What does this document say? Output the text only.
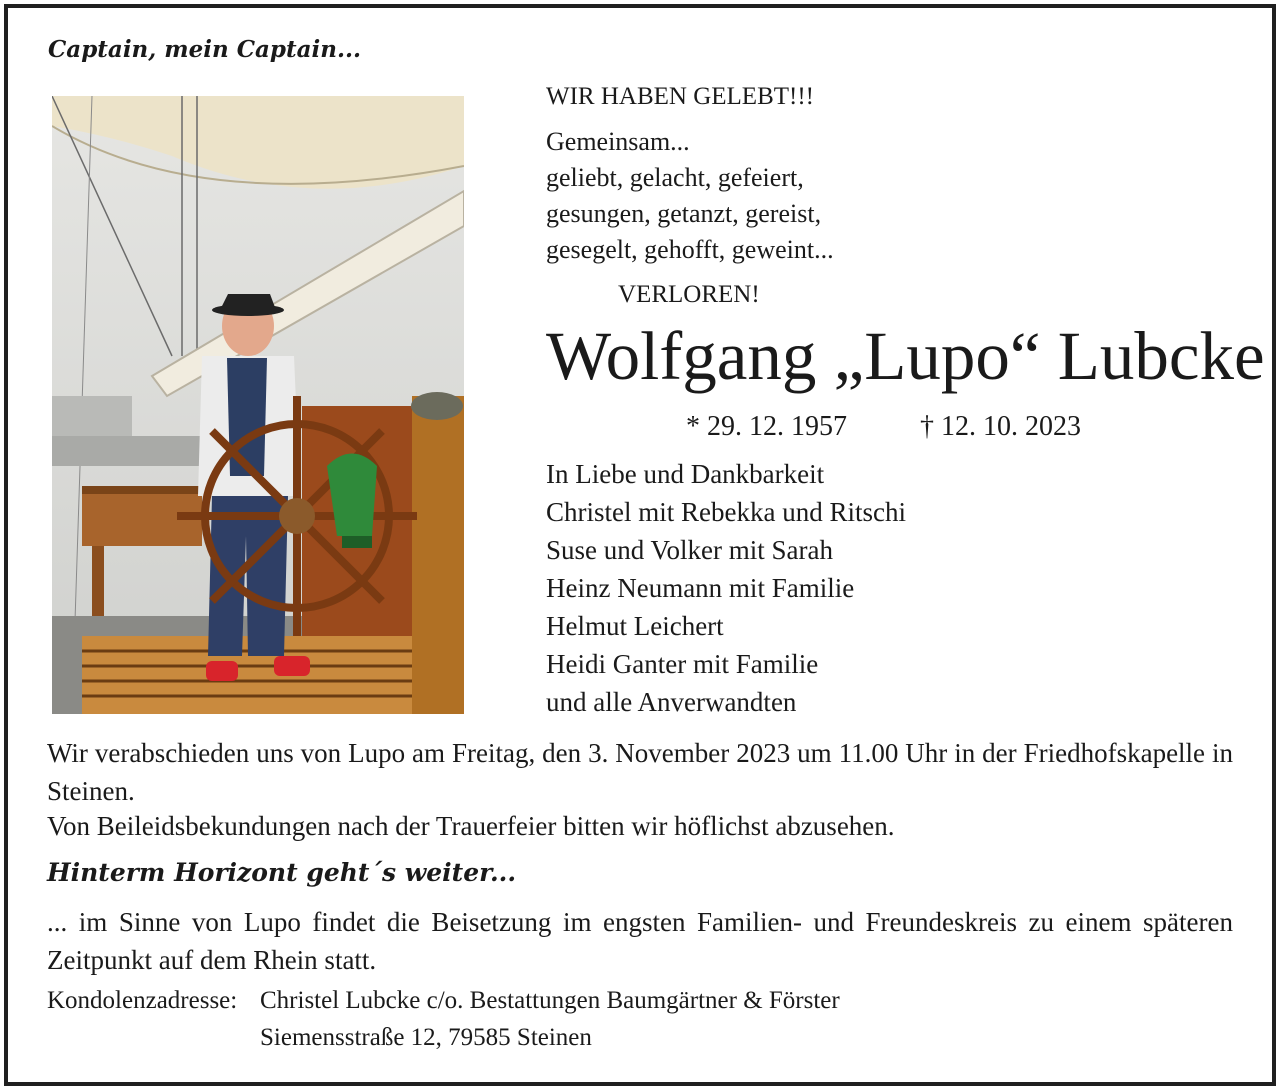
Captain, mein Captain...
WIR HABEN GELEBT!!!
Gemeinsam...
geliebt, gelacht, gefeiert,
gesungen, getanzt, gereist,
gesegelt, gehofft, geweint...
VERLOREN!
Wolfgang „Lupo“ Lubcke
* 29. 12. 1957	† 12. 10. 2023
In Liebe und Dankbarkeit
Christel mit Rebekka und Ritschi
Suse und Volker mit Sarah
Heinz Neumann mit Familie
Helmut Leichert
Heidi Ganter mit Familie
und alle Anverwandten
Wir verabschieden uns von Lupo am Freitag, den 3. November 2023 um 11.00 Uhr in der Friedhofskapelle in Steinen.
Von Beileidsbekundungen nach der Trauerfeier bitten wir höflichst abzusehen.
Hinterm Horizont geht´s weiter...
... im Sinne von Lupo findet die Beisetzung im engsten Familien- und Freundeskreis zu einem späteren Zeitpunkt auf dem Rhein statt.
Kondolenzadresse: Christel Lubcke c/o. Bestattungen Baumgärtner & Förster
Siemensstraße 12, 79585 Steinen
